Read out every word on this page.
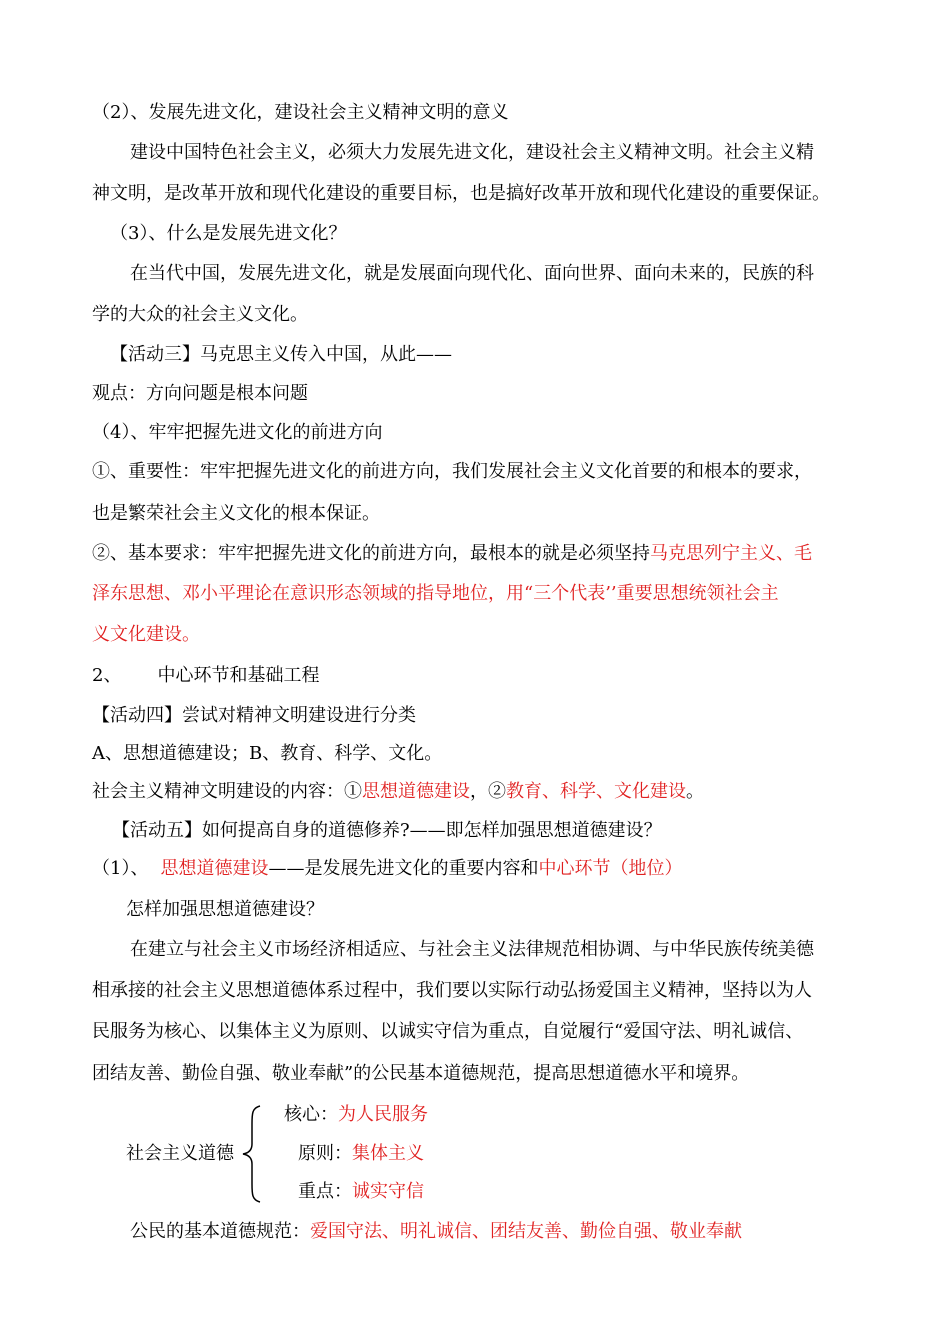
（2）、发展先进文化，建设社会主义精神文明的意义
建设中国特色社会主义，必须大力发展先进文化，建设社会主义精神文明。社会主义精
神文明，是改革开放和现代化建设的重要目标，也是搞好改革开放和现代化建设的重要保证。
（3）、什么是发展先进文化？
在当代中国，发展先进文化，就是发展面向现代化、面向世界、面向未来的，民族的科
学的大众的社会主义文化。
【活动三】马克思主义传入中国，从此——
观点：方向问题是根本问题
（4）、牢牢把握先进文化的前进方向
①、重要性：牢牢把握先进文化的前进方向，我们发展社会主义文化首要的和根本的要求，
也是繁荣社会主义文化的根本保证。
②、基本要求：牢牢把握先进文化的前进方向，最根本的就是必须坚持马克思列宁主义、毛
泽东思想、邓小平理论在意识形态领域的指导地位，用“三个代表’’重要思想统领社会主
义文化建设。
2、 中心环节和基础工程
【活动四】尝试对精神文明建设进行分类
A、思想道德建设；B、教育、科学、文化。
社会主义精神文明建设的内容：①思想道德建设，②教育、科学、文化建设。
【活动五】如何提高自身的道德修养?——即怎样加强思想道德建设？
（1）、 思想道德建设——是发展先进文化的重要内容和中心环节（地位）
怎样加强思想道德建设？
在建立与社会主义市场经济相适应、与社会主义法律规范相协调、与中华民族传统美德
相承接的社会主义思想道德体系过程中，我们要以实际行动弘扬爱国主义精神，坚持以为人
民服务为核心、以集体主义为原则、以诚实守信为重点，自觉履行“爱国守法、明礼诚信、
团结友善、勤俭自强、敬业奉献”的公民基本道德规范，提高思想道德水平和境界。
社会主义道德
核心：为人民服务
原则：集体主义
重点：诚实守信
公民的基本道德规范：爱国守法、明礼诚信、团结友善、勤俭自强、敬业奉献
